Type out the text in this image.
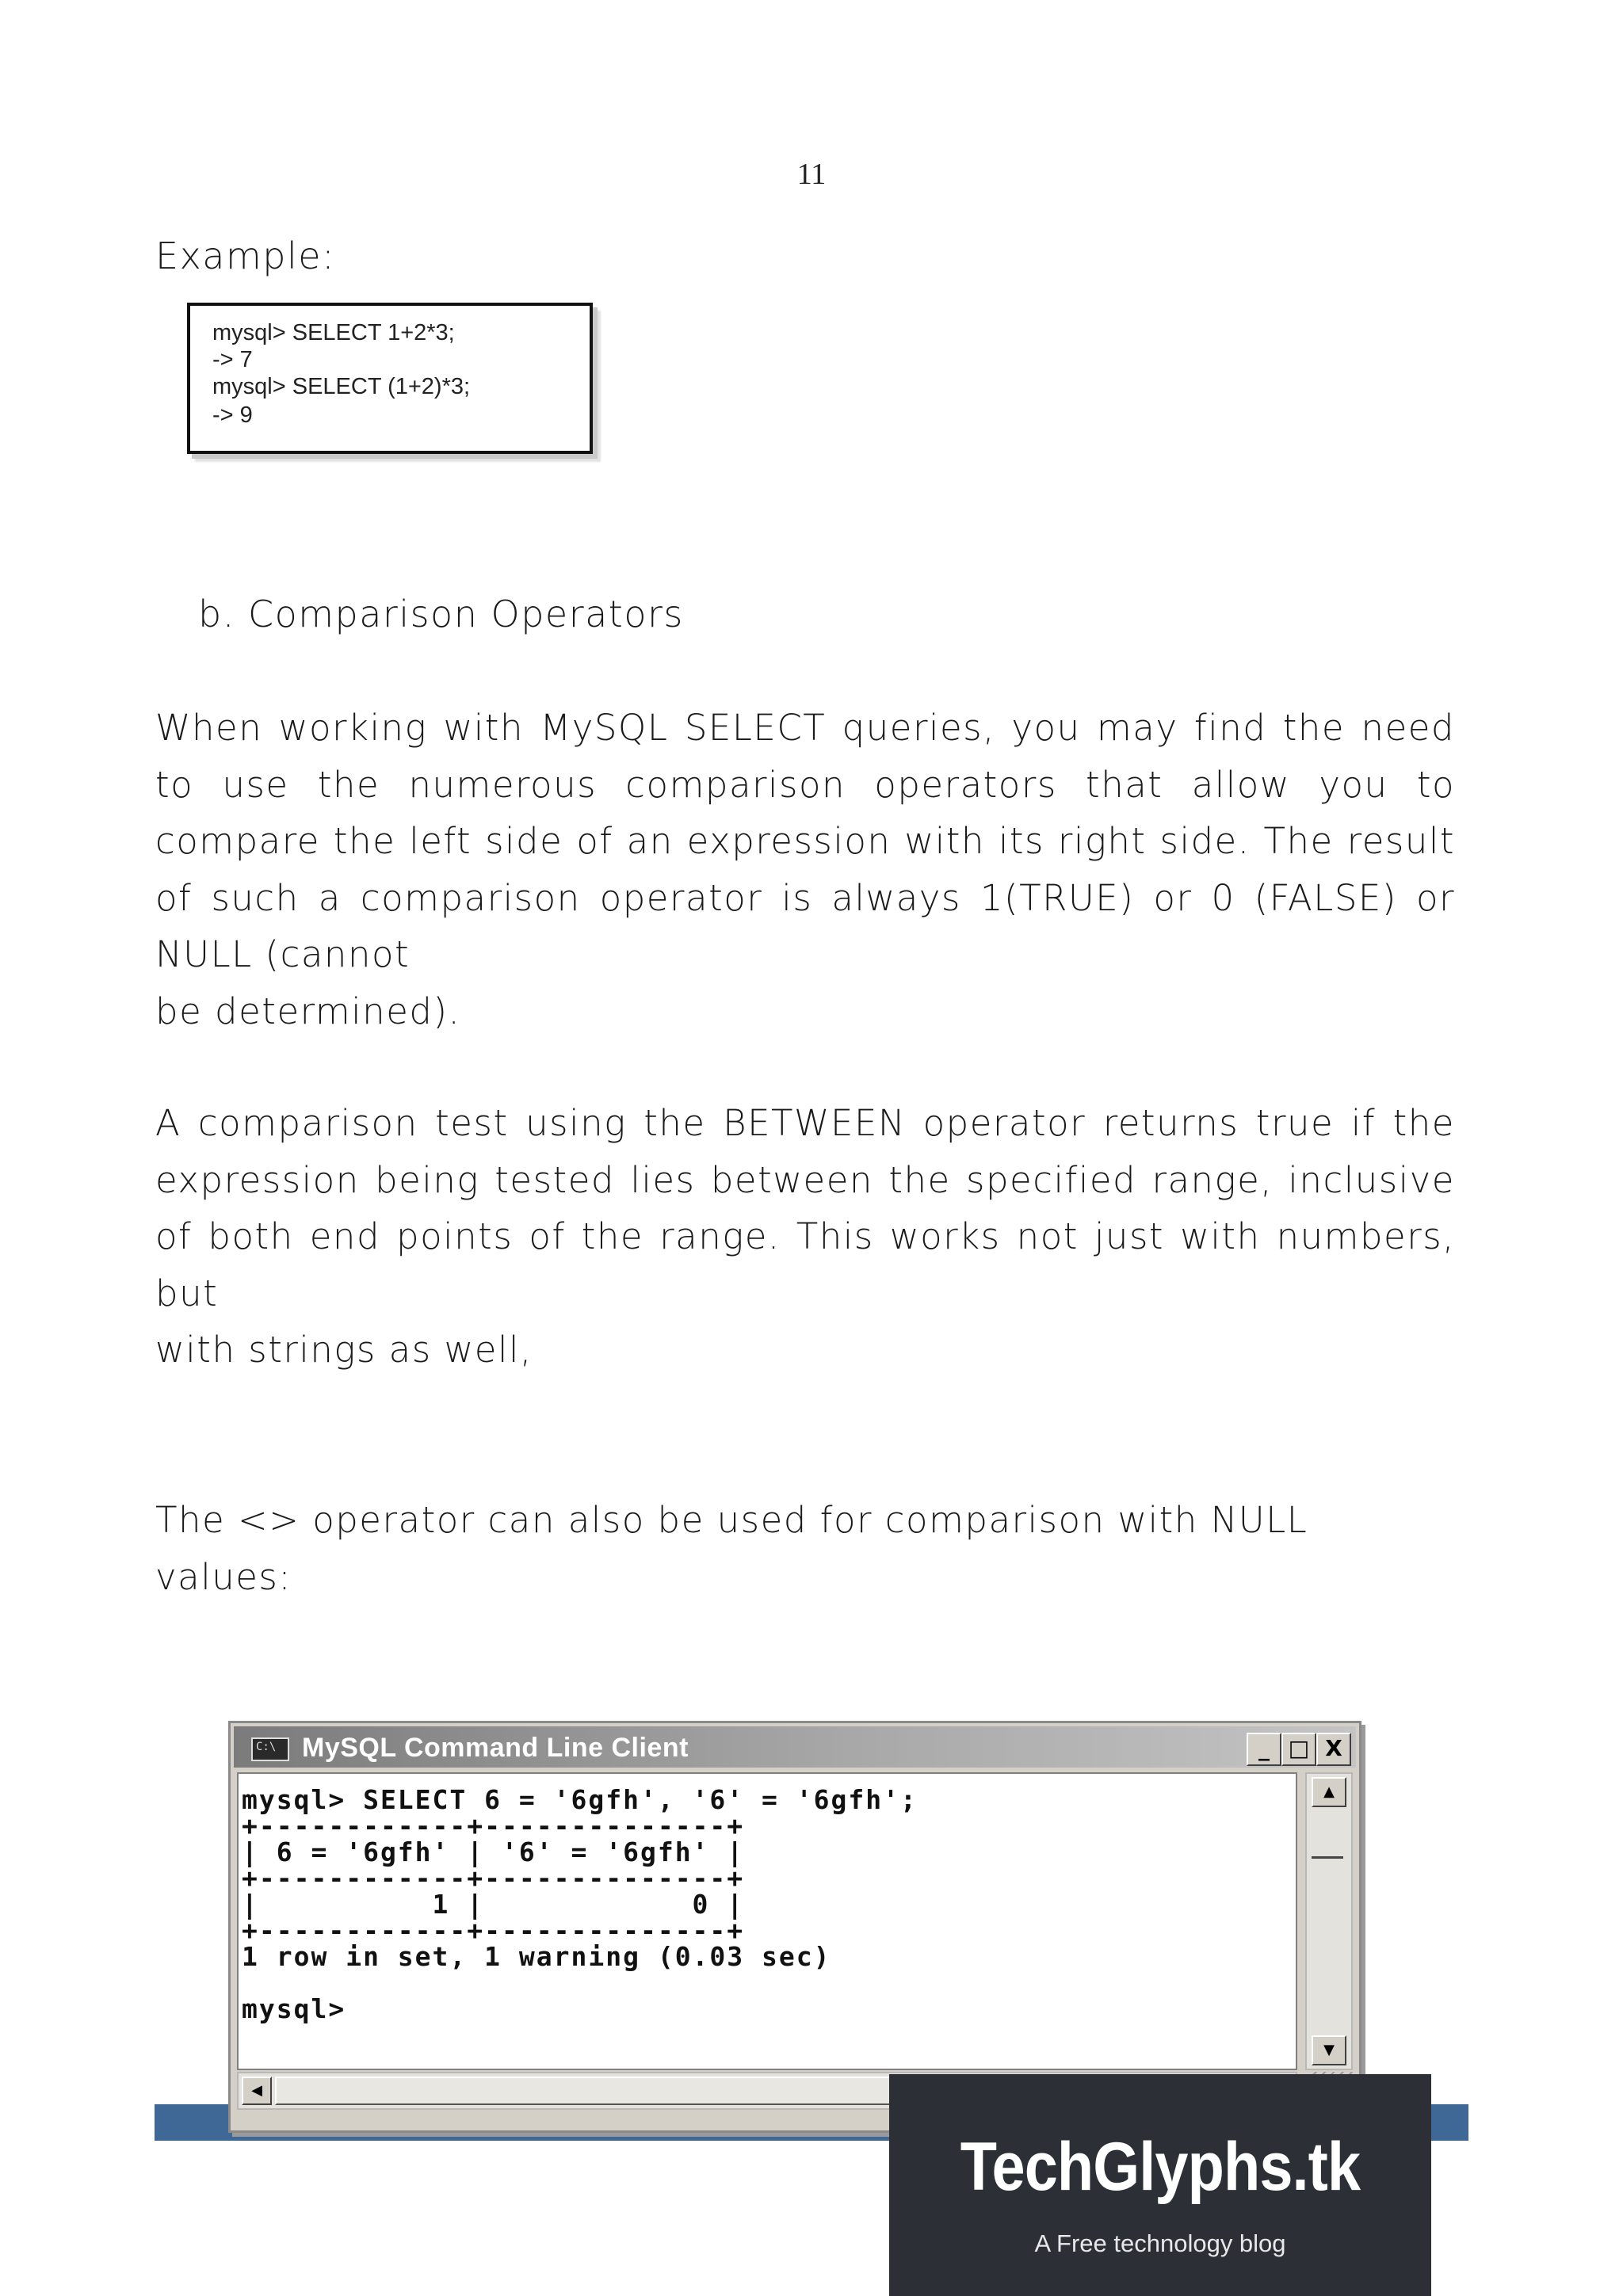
11
Example:
mysql> SELECT 1+2*3;
-> 7
mysql> SELECT (1+2)*3;
-> 9
b. Comparison Operators
When working with MySQL SELECT queries, you may find the need to use the numerous comparison operators that allow you to compare the left side of an expression with its right side. The result of such a comparison operator is always 1(TRUE) or 0 (FALSE) or NULL (cannot
be determined).
A comparison test using the BETWEEN operator returns true if the expression being tested lies between the specified range, inclusive of both end points of the range. This works not just with numbers, but
with strings as well,
The <> operator can also be used for comparison with NULL values:
C:\ MySQL Command Line Client	_ □ X
mysql> SELECT 6 = '6gfh', '6' = '6gfh';
+------------+--------------+
| 6 = '6gfh' | '6' = '6gfh' |
+------------+--------------+
|          1 |            0 |
+------------+--------------+
1 row in set, 1 warning (0.03 sec)

mysql>
▲
▼
◀
TechGlyphs.tk
A Free technology blog
